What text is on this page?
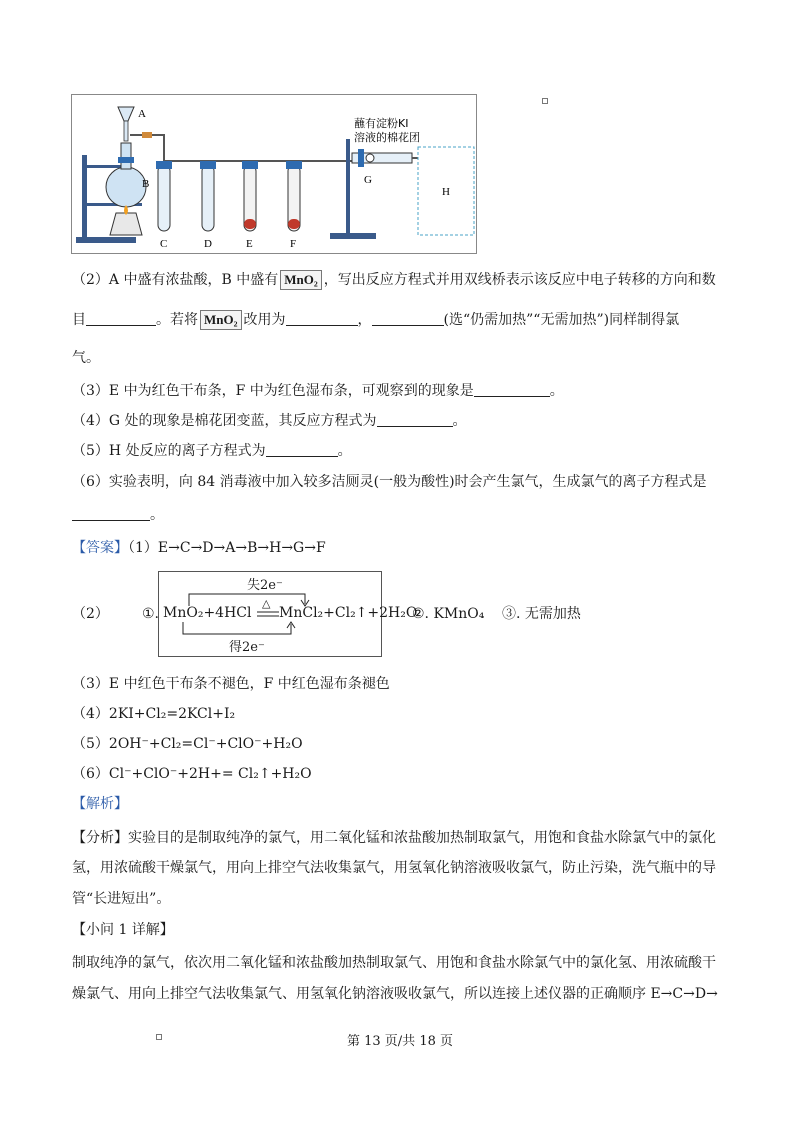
A
B
C	D	E	F
G
H
蘸有淀粉KI
溶液的棉花团
（2）A 中盛有浓盐酸，B 中盛有 MnO₂ ，写出反应方程式并用双线桥表示该反应中电子转移的方向和数
目	。若将 MnO₂ 改用为	，	(选“仍需加热”“无需加热”)同样制得氯
气。
（3）E 中为红色干布条，F 中为红色湿布条，可观察到的现象是	。
（4）G 处的现象是棉花团变蓝，其反应方程式为	。
（5）H 处反应的离子方程式为	。
（6）实验表明，向 84 消毒液中加入较多洁厕灵(一般为酸性)时会产生氯气，生成氯气的离子方程式是
。
【答案】（1）E→C→D→A→B→H→G→F
（2） ①.
失2e⁻
△
MnO₂+4HCl MnCl₂+Cl₂↑+2H₂O
得2e⁻
②. KMnO₄ ③. 无需加热
（3）E 中红色干布条不褪色，F 中红色湿布条褪色
（4）2KI+Cl₂=2KCl+I₂
（5）2OH⁻+Cl₂=Cl⁻+ClO⁻+H₂O
（6）Cl⁻+ClO⁻+2H+= Cl₂↑+H₂O
【解析】
【分析】实验目的是制取纯净的氯气，用二氧化锰和浓盐酸加热制取氯气，用饱和食盐水除氯气中的氯化
氢，用浓硫酸干燥氯气，用向上排空气法收集氯气，用氢氧化钠溶液吸收氯气，防止污染，洗气瓶中的导
管“长进短出”。
【小问 1 详解】
制取纯净的氯气，依次用二氧化锰和浓盐酸加热制取氯气、用饱和食盐水除氯气中的氯化氢、用浓硫酸干
燥氯气、用向上排空气法收集氯气、用氢氧化钠溶液吸收氯气，所以连接上述仪器的正确顺序 E→C→D→
第 13 页/共 18 页
